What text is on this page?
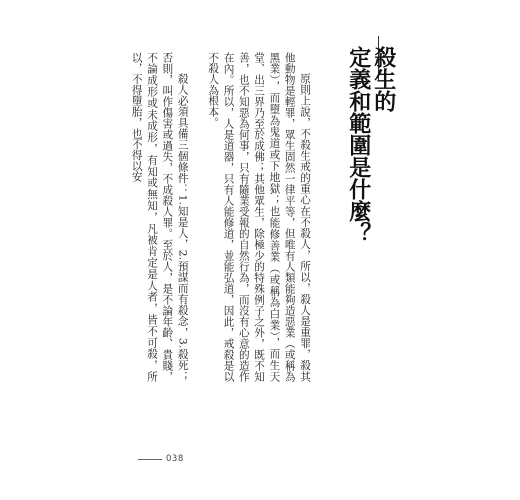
殺生的
定義和範圍是什麼？

原則上說，不殺生戒的重心在不殺人，所以，殺人是重罪，殺其他動物是輕罪，眾生固然一律平等，但唯有人類能夠造惡業（或稱為黑業），而墮為鬼道或下地獄；也能修善業（或稱為白業），而生天堂、出三界乃至於成佛；其他眾生，除極少的特殊例子之外，既不知善，也不知惡為何事，只有隨業受報的自然行為，而沒有心意的造作在內。所以，人是道器，只有人能修道，並能弘道，因此，戒殺是以不殺人為根本。

殺人必須具備三個條件：1.知是人，2.預謀而有殺念，3.殺死；否則，叫作傷害或過失，不成殺人罪。至於人，是不論年齡、貴賤，不論成形或未成形，有知或無知，凡被肯定是人者，皆不可殺，所以，不得墮胎，也不得以安

038
